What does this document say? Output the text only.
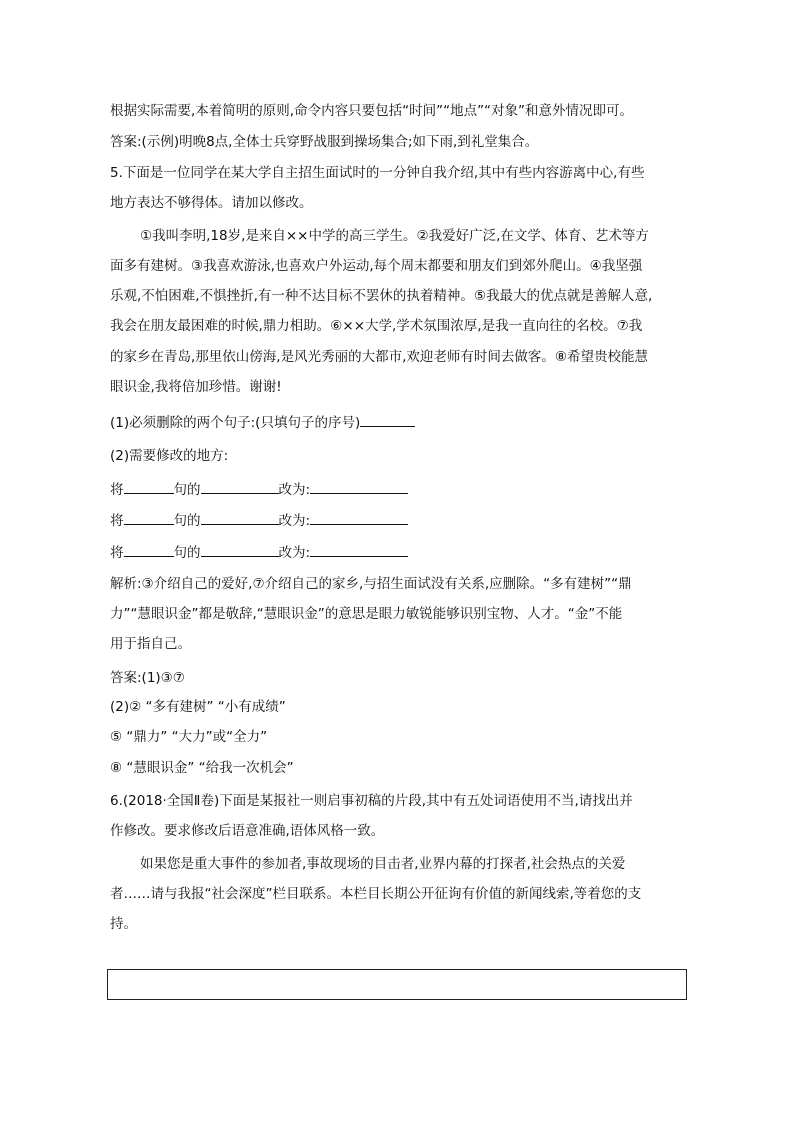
根据实际需要,本着简明的原则,命令内容只要包括“时间”“地点”“对象”和意外情况即可。
答案:(示例)明晚8点,全体士兵穿野战服到操场集合;如下雨,到礼堂集合。
5.下面是一位同学在某大学自主招生面试时的一分钟自我介绍,其中有些内容游离中心,有些
地方表达不够得体。请加以修改。
①我叫李明,18岁,是来自××中学的高三学生。②我爱好广泛,在文学、体育、艺术等方
面多有建树。③我喜欢游泳,也喜欢户外运动,每个周末都要和朋友们到郊外爬山。④我坚强
乐观,不怕困难,不惧挫折,有一种不达目标不罢休的执着精神。⑤我最大的优点就是善解人意,
我会在朋友最困难的时候,鼎力相助。⑥××大学,学术氛围浓厚,是我一直向往的名校。⑦我
的家乡在青岛,那里依山傍海,是风光秀丽的大都市,欢迎老师有时间去做客。⑧希望贵校能慧
眼识金,我将倍加珍惜。谢谢!
(1)必须删除的两个句子:(只填句子的序号)
(2)需要修改的地方:
将	句的	改为:
将	句的	改为:
将	句的	改为:
解析:③介绍自己的爱好,⑦介绍自己的家乡,与招生面试没有关系,应删除。“多有建树”“鼎
力”“慧眼识金”都是敬辞,“慧眼识金”的意思是眼力敏锐能够识别宝物、人才。“金”不能
用于指自己。
答案:(1)③⑦
(2)② “多有建树” “小有成绩”
⑤ “鼎力” “大力”或“全力”
⑧ “慧眼识金” “给我一次机会”
6.(2018·全国Ⅱ卷)下面是某报社一则启事初稿的片段,其中有五处词语使用不当,请找出并
作修改。要求修改后语意准确,语体风格一致。
如果您是重大事件的参加者,事故现场的目击者,业界内幕的打探者,社会热点的关爱
者……请与我报“社会深度”栏目联系。本栏目长期公开征询有价值的新闻线索,等着您的支
持。
